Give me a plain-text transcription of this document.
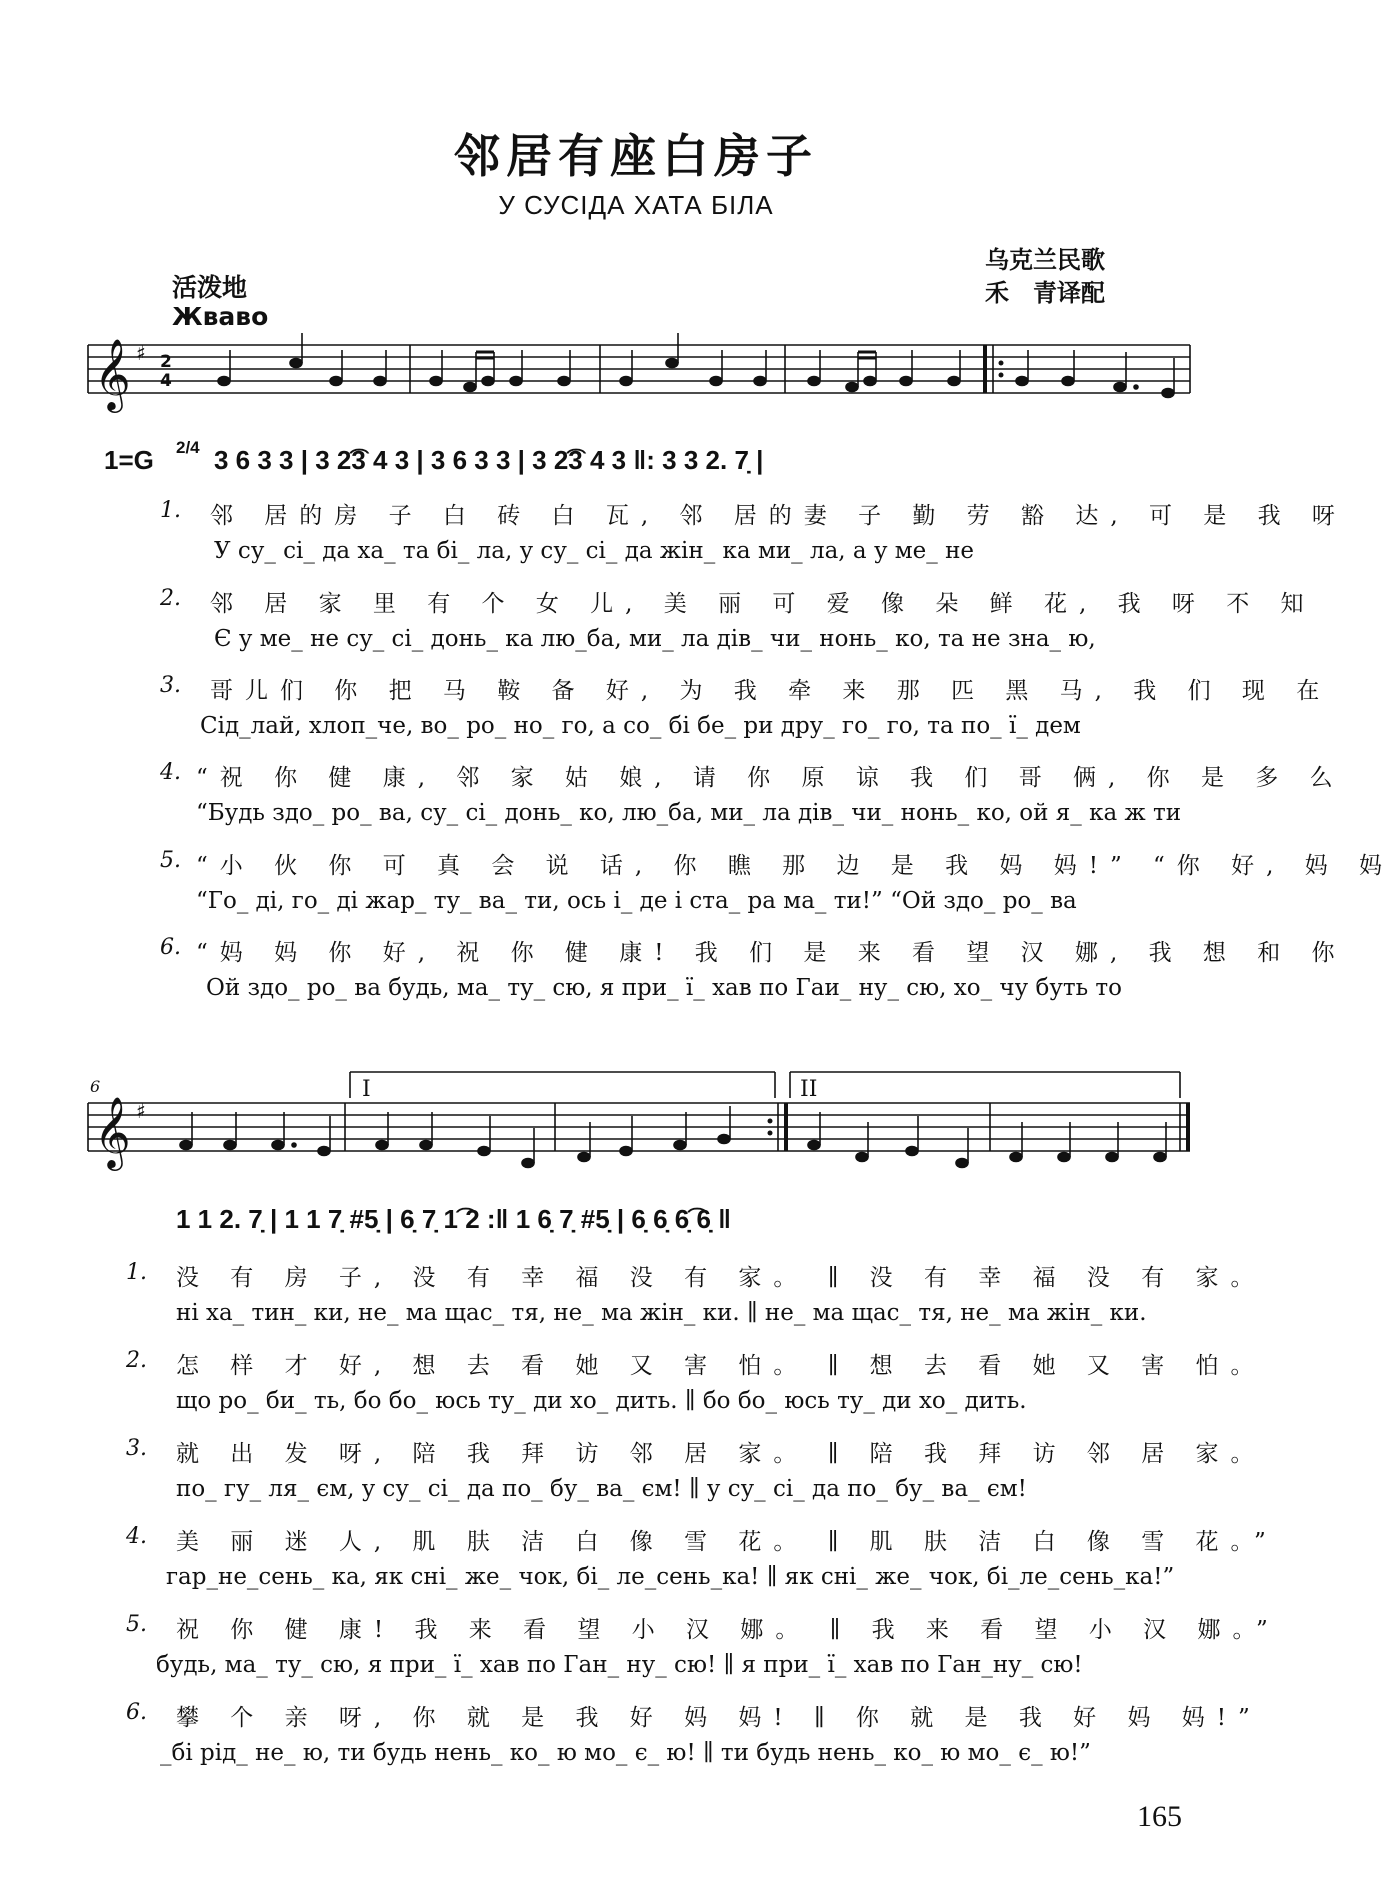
邻居有座白房子
У СУСІДА ХАТА БІЛА
乌克兰民歌
禾　青译配
活泼地
Жваво
𝄞 ♯ 2
4
6
𝄞 ♯
I	II
1=G 2/4 3 6 3 3 | 3 2͡3 4 3 | 3 6 3 3 | 3 2͡3 4 3 ‖: 3 3 2. 7̣ |
1. 邻 居的房 子 白 砖 白 瓦, 邻 居的妻 子 勤 劳 豁 达, 可 是 我 呀
У су_ сі_ да ха_ та бі_ ла, у су_ сі_ да жін_ ка ми_ ла, а у ме_ не
2. 邻 居 家 里 有 个 女 儿, 美 丽 可 爱 像 朵 鲜 花, 我 呀 不 知
Є у ме_ не су_ сі_ донь_ ка лю_ба, ми_ ла дів_ чи_ нонь_ ко, та не зна_ ю,
3. 哥儿们 你 把 马 鞍 备 好, 为 我 牵 来 那 匹 黑 马, 我 们 现 在
Сід_лай, хлоп_че, во_ ро_ но_ го, а со_ бі бе_ ри дру_ го_ го, та по_ ї_ дем
4. “祝 你 健 康, 邻 家 姑 娘, 请 你 原 谅 我 们 哥 俩, 你 是 多 么
“Будь здо_ ро_ ва, су_ сі_ донь_ ко, лю_ба, ми_ ла дів_ чи_ нонь_ ко, ой я_ ка ж ти
5. “小 伙 你 可 真 会 说 话, 你 瞧 那 边 是 我 妈 妈!” “你 好, 妈 妈
“Го_ ді, го_ ді жар_ ту_ ва_ ти, ось і_ де і ста_ ра ма_ ти!” “Ой здо_ ро_ ва
6. “妈 妈 你 好, 祝 你 健 康! 我 们 是 来 看 望 汉 娜, 我 想 和 你
Ой здо_ ро_ ва будь, ма_ ту_ сю, я при_ ї_ хав по Гаи_ ну_ сю, хо_ чу буть то
1 1 2. 7̣ | 1 1 7̣ #5̣ | 6̣ 7̣ 1͡ 2 :‖ 1 6̣ 7̣ #5̣ | 6̣ 6̣ 6̣͡ 6̣ ‖
1. 没 有 房 子, 没 有 幸 福 没 有 家。 ∥ 没 有 幸 福 没 有 家。
ні ха_ тин_ ки, не_ ма щас_ тя, не_ ма жін_ ки. ∥ не_ ма щас_ тя, не_ ма жін_ ки.
2. 怎 样 才 好, 想 去 看 她 又 害 怕。 ∥ 想 去 看 她 又 害 怕。
що ро_ би_ ть, бо бо_ юсь ту_ ди хо_ дить. ∥ бо бо_ юсь ту_ ди хо_ дить.
3. 就 出 发 呀, 陪 我 拜 访 邻 居 家。 ∥ 陪 我 拜 访 邻 居 家。
по_ гу_ ля_ єм, у су_ сі_ да по_ бу_ ва_ єм! ∥ у су_ сі_ да по_ бу_ ва_ єм!
4. 美 丽 迷 人, 肌 肤 洁 白 像 雪 花。 ∥ 肌 肤 洁 白 像 雪 花。”
гар_не_сень_ ка, як сні_ же_ чок, бі_ ле_сень_ка! ∥ як сні_ же_ чок, бі_ле_сень_ка!”
5. 祝 你 健 康! 我 来 看 望 小 汉 娜。 ∥ 我 来 看 望 小 汉 娜。”
будь, ма_ ту_ сю, я при_ ї_ хав по Ган_ ну_ сю! ∥ я при_ ї_ хав по Ган_ну_ сю!
6. 攀 个 亲 呀, 你 就 是 我 好 妈 妈! ∥ 你 就 是 我 好 妈 妈!”
_бі рід_ не_ ю, ти будь нень_ ко_ ю мо_ є_ ю! ∥ ти будь нень_ ко_ ю мо_ є_ ю!”
165
